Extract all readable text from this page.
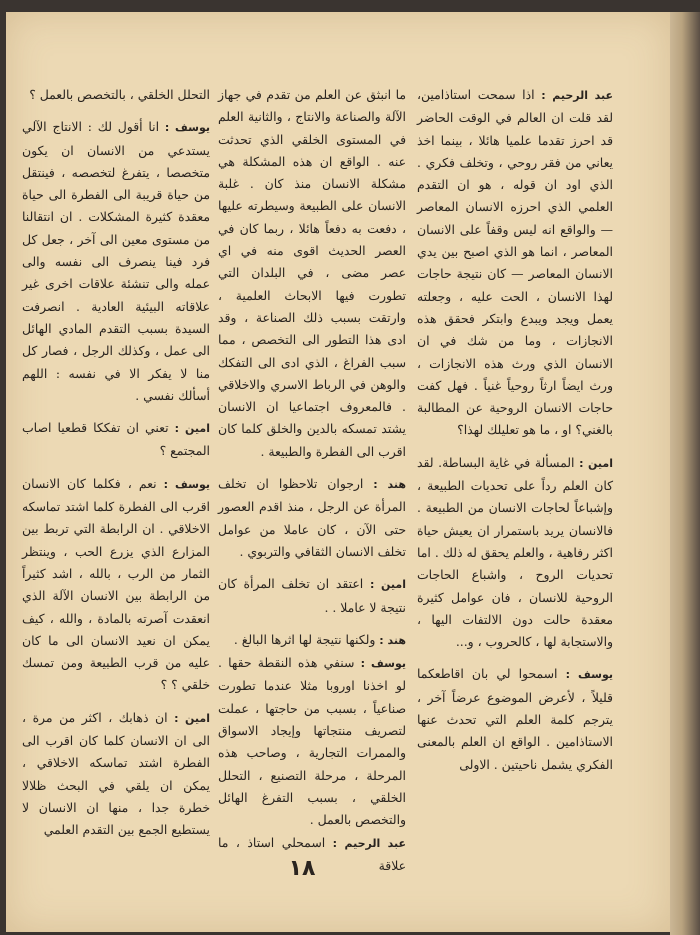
عبد الرحيم : اذا سمحت استاذامين، لقد قلت ان العالم في الوقت الحاضر قد احرز تقدما علميا هائلا ، بينما اخذ يعاني من فقر روحي ، وتخلف فكري . الذي اود ان قوله ، هو ان التقدم العلمي الذي احرزه الانسان المعاصر — والواقع انه ليس وقفاً على الانسان المعاصر ، انما هو الذي اصبح بين يدي الانسان المعاصر — كان نتيجة حاجات لهذا الانسان ، الحت عليه ، وجعلته يعمل ويجد ويبدع وابتكر فحقق هذه الانجازات ، وما من شك في ان الانسان الذي ورث هذه الانجازات ، ورث ايضاً ارثاً روحياً غنياً . فهل كفت حاجات الانسان الروحية عن المطالبة بالغني؟ او ، ما هو تعليلك لهذا؟

امين : المسألة في غاية البساطة. لقد كان العلم رداً على تحديات الطبيعة ، وإشباعاً لحاجات الانسان من الطبيعة . فالانسان يريد باستمرار ان يعيش حياة اكثر رفاهية ، والعلم يحقق له ذلك . اما تحديات الروح ، واشباع الحاجات الروحية للانسان ، فان عوامل كثيرة معقدة حالت دون الالتفات اليها ، والاستجابة لها ، كالحروب ، و...

يوسف : اسمحوا لي بان اقاطعكما قليلاً ، لأعرض الموضوع عرضاً آخر ، يترجم كلمة العلم التي تحدث عنها الاستاذامين . الواقع ان العلم بالمعنى الفكري يشمل ناحيتين . الاولى

ما انبثق عن العلم من تقدم في جهاز الآلة والصناعة والانتاج ، والثانية العلم في المستوى الخلقي الذي تحدثت عنه . الواقع ان هذه المشكلة هي مشكلة الانسان منذ كان . غلبة الانسان على الطبيعة وسيطرته عليها ، دفعت به دفعاً هائلا ، ربما كان في العصر الحديث اقوى منه في اي عصر مضى ، في البلدان التي تطورت فيها الابحاث العلمية ، وارتقت بسبب ذلك الصناعة ، وقد ادى هذا التطور الى التخصص ، مما سبب الفراغ ، الذي ادى الى التفكك والوهن في الرباط الاسري والاخلاقي . فالمعروف اجتماعيا ان الانسان يشتد تمسكه بالدين والخلق كلما كان اقرب الى الفطرة والطبيعة .

هند : ارجوان تلاحظوا ان تخلف المرأة عن الرجل ، منذ اقدم العصور حتى الآن ، كان عاملا من عوامل تخلف الانسان الثقافي والتربوي .

امين : اعتقد ان تخلف المرأة كان نتيجة لا عاملا . .

هند : ولكنها نتيجة لها اثرها البالغ .

يوسف : سنفي هذه النقطة حقها . لو اخذنا اوروبا مثلا عندما تطورت صناعياً ، بسبب من حاجتها ، عملت لتصريف منتجاتها وإيجاد الاسواق والممرات التجارية ، وصاحب هذه المرحلة ، مرحلة التصنيع ، التحلل الخلقي ، بسبب التفرغ الهائل والتخصص بالعمل .

عبد الرحيم : اسمحلي استاذ ، ما علاقة

التحلل الخلقي ، بالتخصص بالعمل ؟

يوسف : انا أقول لك : الانتاج الآلي يستدعي من الانسان ان يكون متخصصا ، يتفرغ لتخصصه ، فينتقل من حياة قريبة الى الفطرة الى حياة معقدة كثيرة المشكلات . ان انتقالنا من مستوى معين الى آخر ، جعل كل فرد فينا ينصرف الى نفسه والى عمله والى تنشئة علاقات اخرى غير علاقاته البيئية العادية . انصرفت السيدة بسبب التقدم المادي الهائل الى عمل ، وكذلك الرجل ، فصار كل منا لا يفكر الا في نفسه : اللهم أسألك نفسي .

امين : تعني ان تفككا قطعيا اصاب المجتمع ؟

يوسف : نعم ، فكلما كان الانسان اقرب الى الفطرة كلما اشتد تماسكه الاخلاقي . ان الرابطة التي تربط بين المزارع الذي يزرع الحب ، وينتظر الثمار من الرب ، بالله ، اشد كثيراً من الرابطة بين الانسان الآلة الذي انعقدت آصرته بالمادة ، والله ، كيف يمكن ان نعيد الانسان الى ما كان عليه من قرب الطبيعة ومن تمسك خلقي ؟ ؟

امين : ان ذهابك ، اكثر من مرة ، الى ان الانسان كلما كان اقرب الى الفطرة اشتد تماسكه الاخلاقي ، يمكن ان يلقي في البحث ظلالا خطرة جدا ، منها ان الانسان لا يستطيع الجمع بين التقدم العلمي

١٨
